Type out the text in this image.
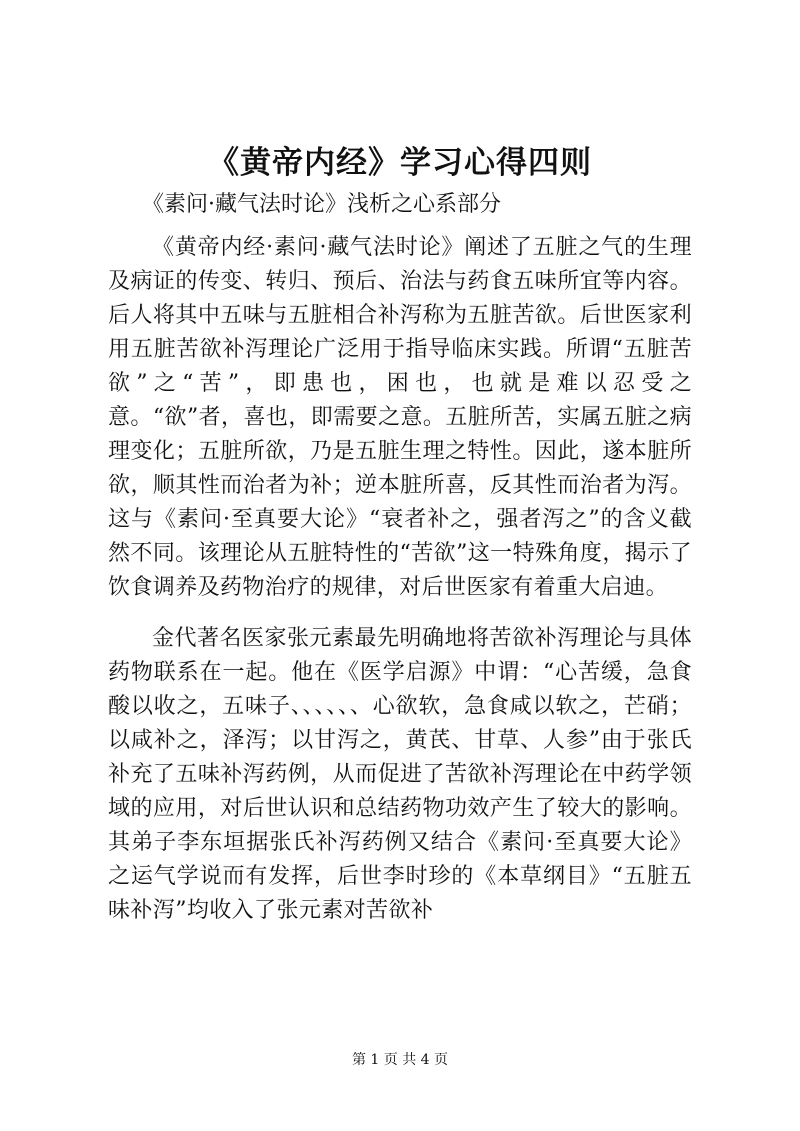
《黄帝内经》学习心得四则
《素问·藏气法时论》浅析之心系部分

《黄帝内经·素问·藏气法时论》阐述了五脏之气的生理及病证的传变、转归、预后、治法与药食五味所宜等内容。后人将其中五味与五脏相合补泻称为五脏苦欲。后世医家利用五脏苦欲补泻理论广泛用于指导临床实践。所谓“五脏苦欲”之“苦”，即患也，困也，也就是难以忍受之意。“欲”者，喜也，即需要之意。五脏所苦，实属五脏之病理变化；五脏所欲，乃是五脏生理之特性。因此，遂本脏所欲，顺其性而治者为补；逆本脏所喜，反其性而治者为泻。这与《素问·至真要大论》“衰者补之，强者泻之”的含义截然不同。该理论从五脏特性的“苦欲”这一特殊角度，揭示了饮食调养及药物治疗的规律，对后世医家有着重大启迪。

金代著名医家张元素最先明确地将苦欲补泻理论与具体药物联系在一起。他在《医学启源》中谓：“心苦缓，急食酸以收之，五味子、、、、、、心欲软，急食咸以软之，芒硝；以咸补之，泽泻；以甘泻之，黄芪、甘草、人参”由于张氏补充了五味补泻药例，从而促进了苦欲补泻理论在中药学领域的应用，对后世认识和总结药物功效产生了较大的影响。其弟子李东垣据张氏补泻药例又结合《素问·至真要大论》之运气学说而有发挥，后世李时珍的《本草纲目》“五脏五味补泻”均收入了张元素对苦欲补

第 1 页 共 4 页
